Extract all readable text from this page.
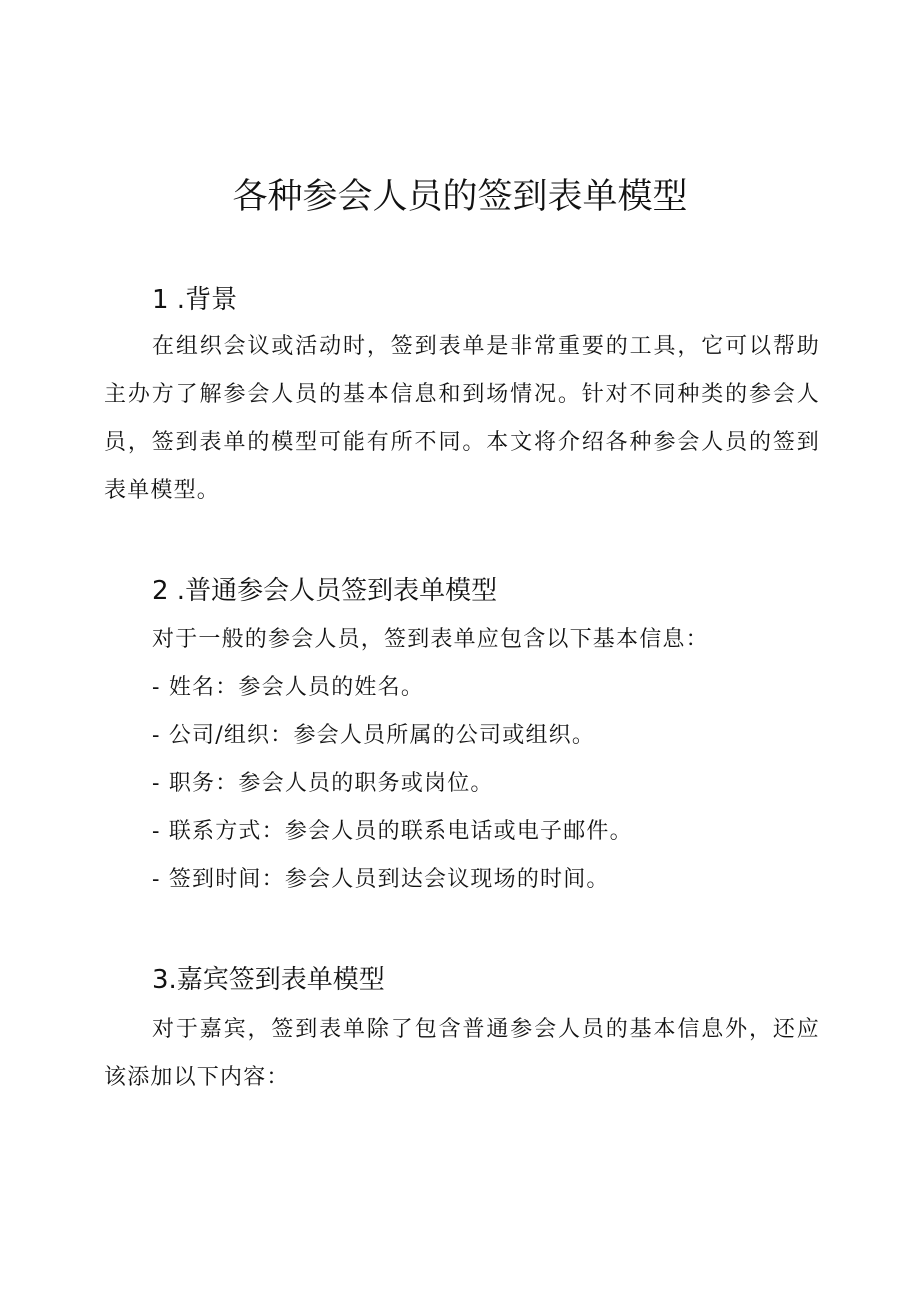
各种参会人员的签到表单模型
1 .背景

在组织会议或活动时，签到表单是非常重要的工具，它可以帮助主办方了解参会人员的基本信息和到场情况。针对不同种类的参会人员，签到表单的模型可能有所不同。本文将介绍各种参会人员的签到表单模型。

2 .普通参会人员签到表单模型

对于一般的参会人员，签到表单应包含以下基本信息：

- 姓名：参会人员的姓名。
- 公司/组织：参会人员所属的公司或组织。
- 职务：参会人员的职务或岗位。
- 联系方式：参会人员的联系电话或电子邮件。
- 签到时间：参会人员到达会议现场的时间。
3.嘉宾签到表单模型

对于嘉宾，签到表单除了包含普通参会人员的基本信息外，还应该添加以下内容：
